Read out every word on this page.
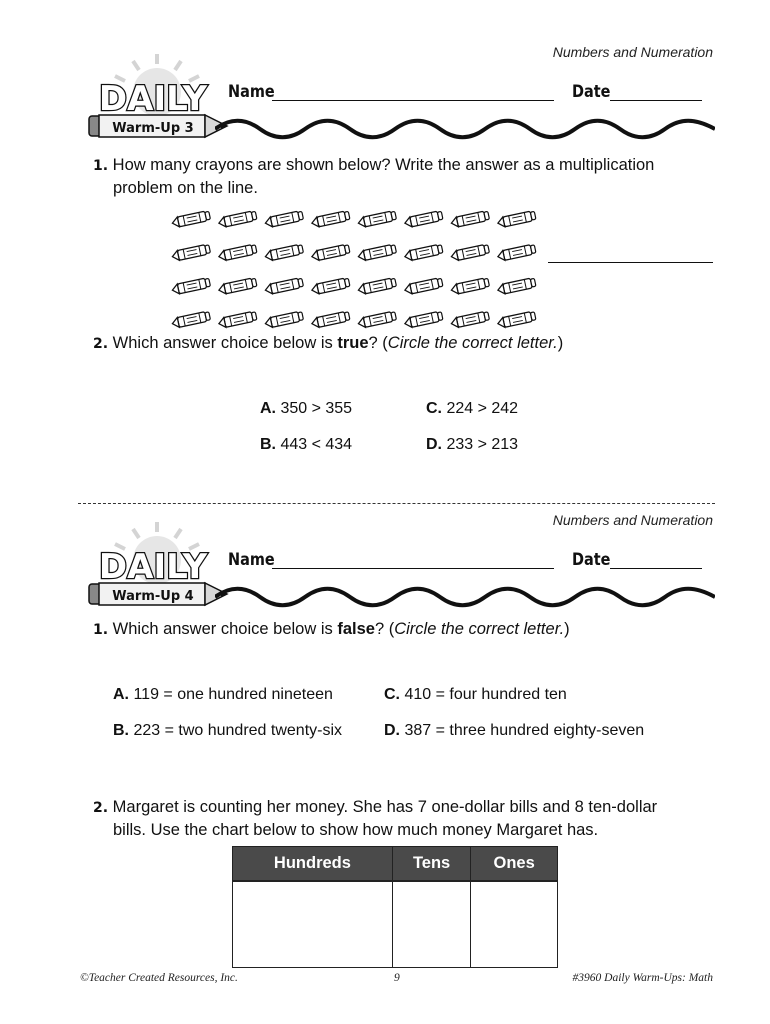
Numbers and Numeration
DAILY
Warm-Up 3
Name	Date
1. How many crayons are shown below? Write the answer as a multiplication
problem on the line.
2. Which answer choice below is true? (Circle the correct letter.)
A. 350 > 355	C. 224 > 242
B. 443 < 434	D. 233 > 213
Numbers and Numeration
DAILY
Warm-Up 4
Name	Date
1. Which answer choice below is false? (Circle the correct letter.)
A. 119 = one hundred nineteen	C. 410 = four hundred ten
B. 223 = two hundred twenty-six	D. 387 = three hundred eighty-seven
2. Margaret is counting her money. She has 7 one-dollar bills and 8 ten-dollar
bills. Use the chart below to show how much money Margaret has.
Hundreds	Tens	Ones

©Teacher Created Resources, Inc.	9	#3960 Daily Warm-Ups: Math
